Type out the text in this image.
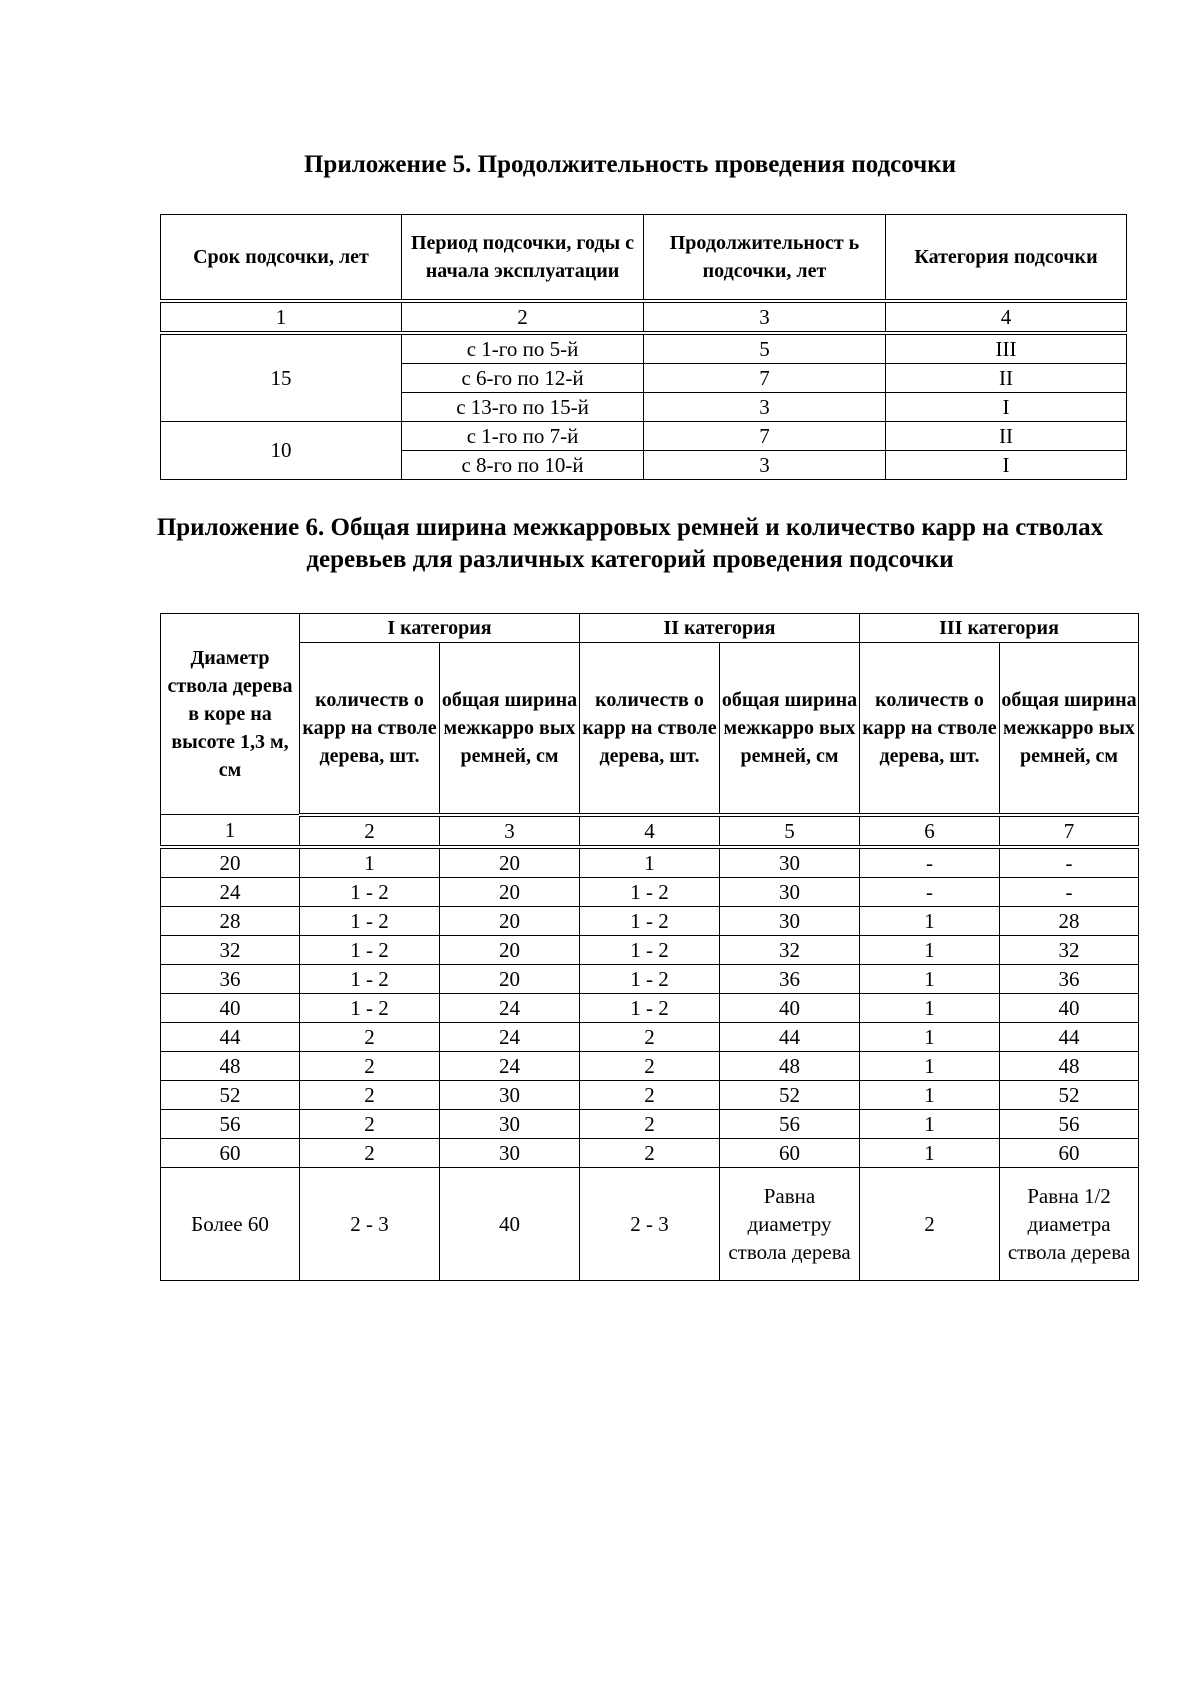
Приложение 5. Продолжительность проведения подсочки
Срок подсочки, лет	Период подсочки, годы с начала эксплуатации	Продолжительност ь подсочки, лет	Категория подсочки
1	2	3	4
15	с 1-го по 5-й	5	III
	с 6-го по 12-й	7	II
	с 13-го по 15-й	3	I
10	с 1-го по 7-й	7	II
	с 8-го по 10-й	3	I
Приложение 6. Общая ширина межкарровых ремней и количество карр на стволах деревьев для различных категорий проведения подсочки
Диаметр ствола дерева в коре на высоте 1,3 м, см	I категория		II категория		III категория	
	количеств о карр на стволе дерева, шт.	общая ширина межкарро вых ремней, см	количеств о карр на стволе дерева, шт.	общая ширина межкарро вых ремней, см	количеств о карр на стволе дерева, шт.	общая ширина межкарро вых ремней, см
1	2	3	4	5	6	7
20	1	20	1	30	-	-
24	1 - 2	20	1 - 2	30	-	-
28	1 - 2	20	1 - 2	30	1	28
32	1 - 2	20	1 - 2	32	1	32
36	1 - 2	20	1 - 2	36	1	36
40	1 - 2	24	1 - 2	40	1	40
44	2	24	2	44	1	44
48	2	24	2	48	1	48
52	2	30	2	52	1	52
56	2	30	2	56	1	56
60	2	30	2	60	1	60
Более 60	2 - 3	40	2 - 3	Равна диаметру ствола дерева	2	Равна 1/2 диаметра ствола дерева
